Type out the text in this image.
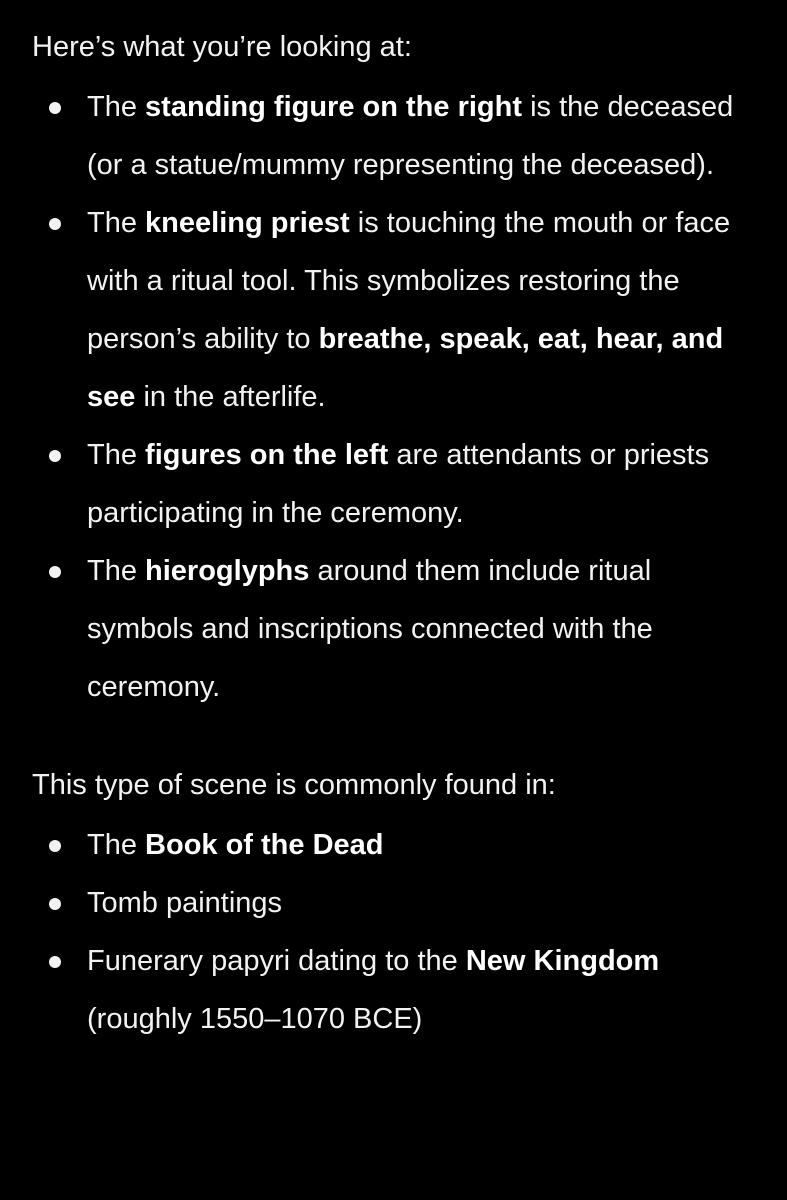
Here’s what you’re looking at:

The standing figure on the right is the deceased (or a statue/mummy representing the deceased).
The kneeling priest is touching the mouth or face with a ritual tool. This symbolizes restoring the person’s ability to breathe, speak, eat, hear, and see in the afterlife.
The figures on the left are attendants or priests participating in the ceremony.
The hieroglyphs around them include ritual symbols and inscriptions connected with the ceremony.

This type of scene is commonly found in:

The Book of the Dead
Tomb paintings
Funerary papyri dating to the New Kingdom (roughly 1550–1070 BCE)
